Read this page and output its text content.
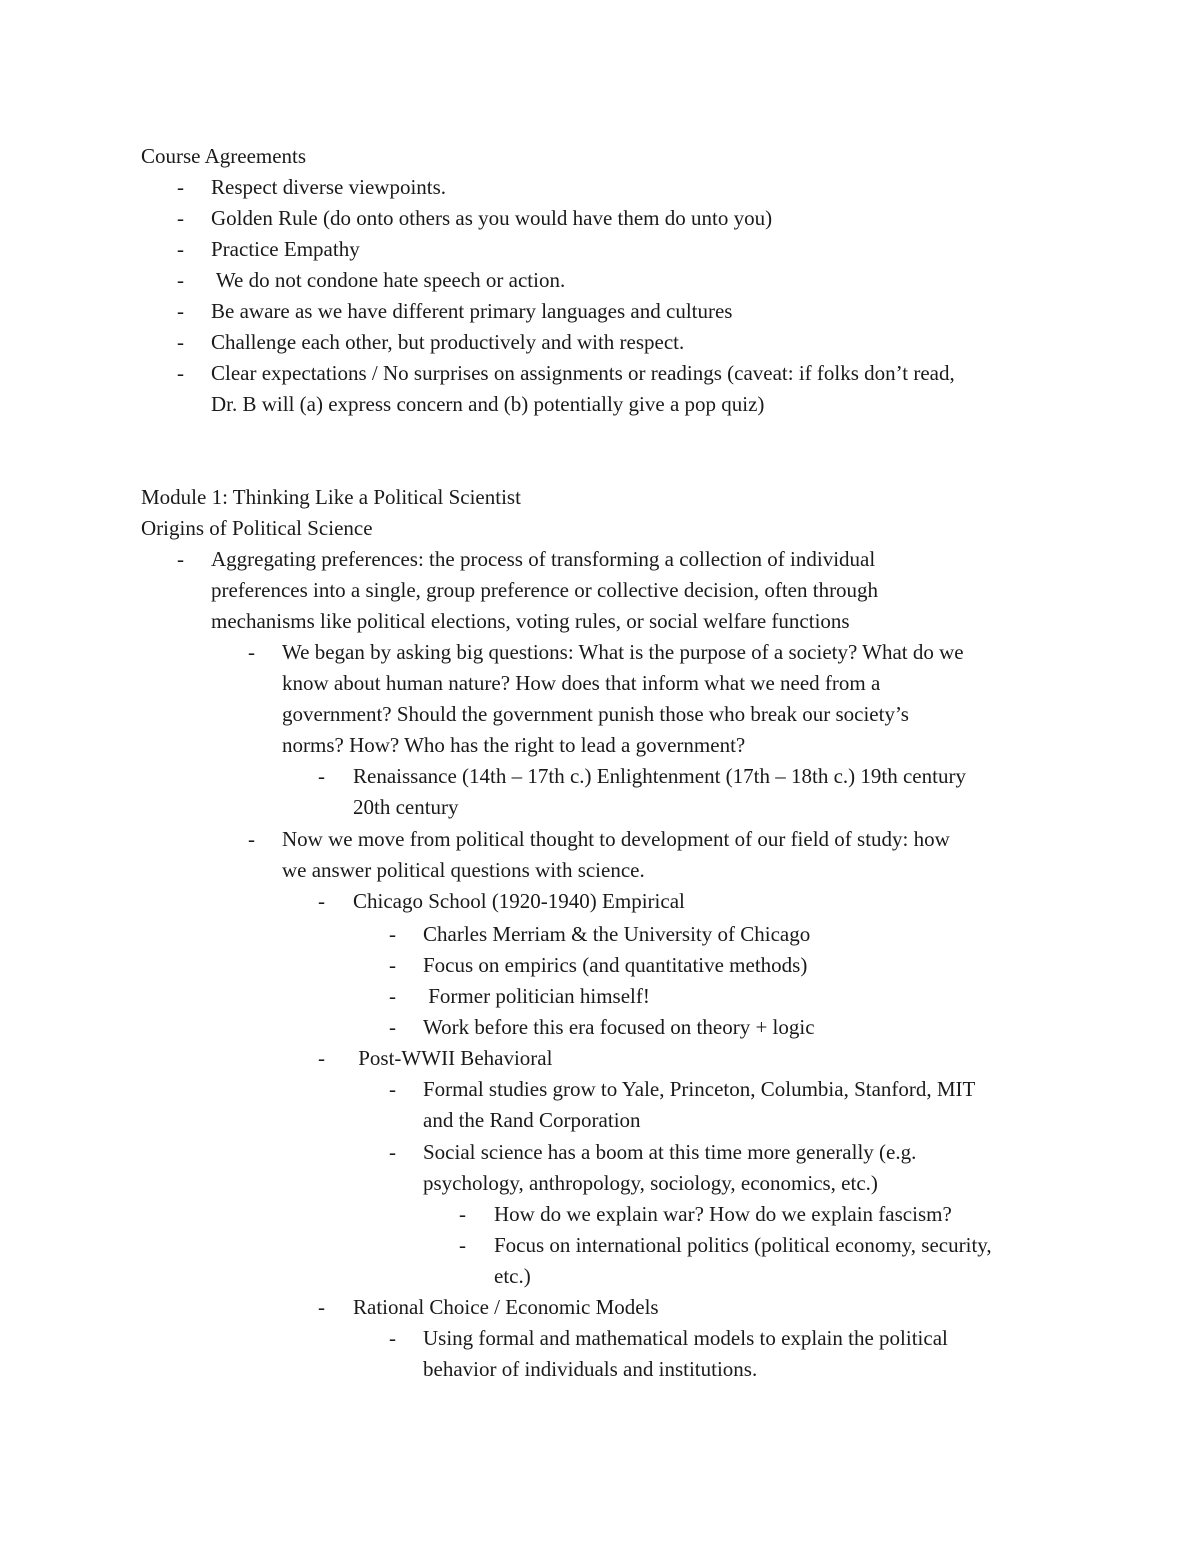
Course Agreements
- Respect diverse viewpoints.
- Golden Rule (do onto others as you would have them do unto you)
- Practice Empathy
- We do not condone hate speech or action.
- Be aware as we have different primary languages and cultures
- Challenge each other, but productively and with respect.
- Clear expectations / No surprises on assignments or readings (caveat: if folks don’t read,
Dr. B will (a) express concern and (b) potentially give a pop quiz)
Module 1: Thinking Like a Political Scientist
Origins of Political Science
- Aggregating preferences: the process of transforming a collection of individual
preferences into a single, group preference or collective decision, often through
mechanisms like political elections, voting rules, or social welfare functions
- We began by asking big questions: What is the purpose of a society? What do we
know about human nature? How does that inform what we need from a
government? Should the government punish those who break our society’s
norms? How? Who has the right to lead a government?
- Renaissance (14th – 17th c.) Enlightenment (17th – 18th c.) 19th century
20th century
- Now we move from political thought to development of our field of study: how
we answer political questions with science.
- Chicago School (1920-1940) Empirical
- Charles Merriam & the University of Chicago
- Focus on empirics (and quantitative methods)
- Former politician himself!
- Work before this era focused on theory + logic
- Post-WWII Behavioral
- Formal studies grow to Yale, Princeton, Columbia, Stanford, MIT
and the Rand Corporation
- Social science has a boom at this time more generally (e.g.
psychology, anthropology, sociology, economics, etc.)
- How do we explain war? How do we explain fascism?
- Focus on international politics (political economy, security,
etc.)
- Rational Choice / Economic Models
- Using formal and mathematical models to explain the political
behavior of individuals and institutions.
